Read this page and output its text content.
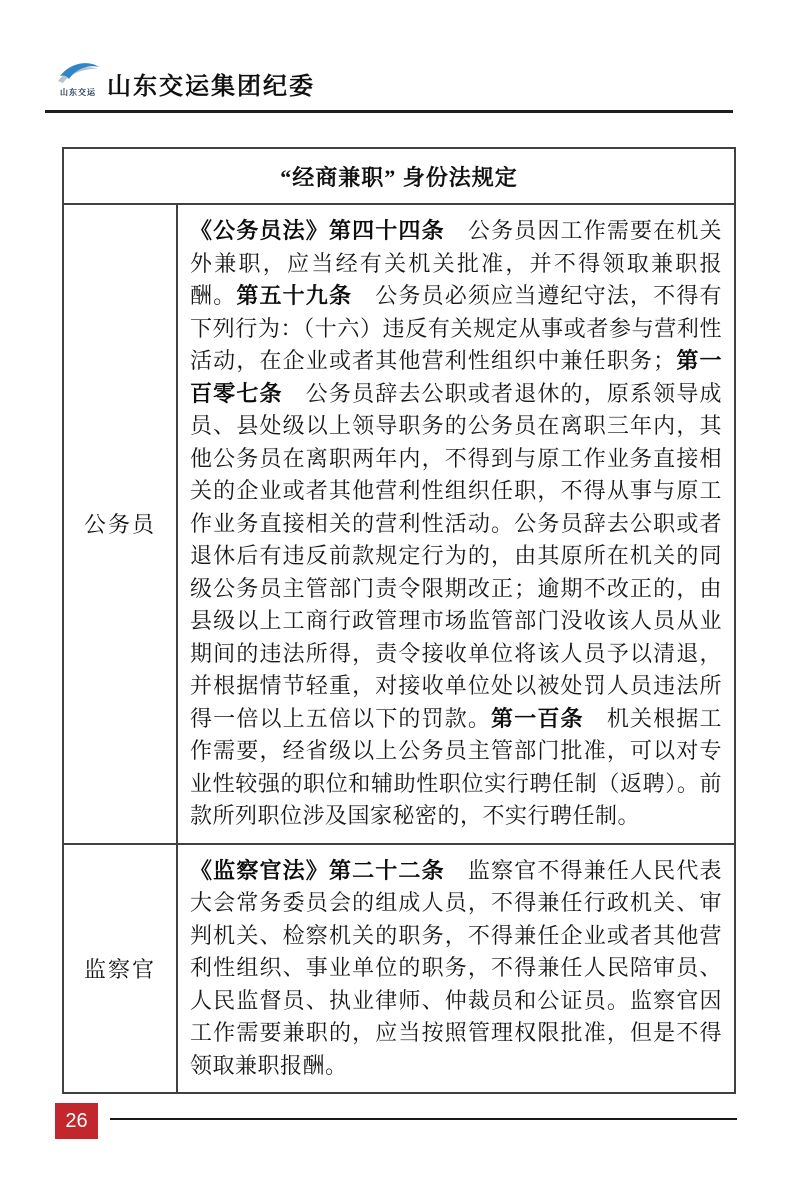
山东交运 山东交运集团纪委
“经商兼职” 身份法规定
公务员
《公务员法》第四十四条　公务员因工作需要在机关外兼职，应当经有关机关批准，并不得领取兼职报酬。第五十九条　公务员必须应当遵纪守法，不得有下列行为：（十六）违反有关规定从事或者参与营利性活动，在企业或者其他营利性组织中兼任职务；第一百零七条　公务员辞去公职或者退休的，原系领导成员、县处级以上领导职务的公务员在离职三年内，其他公务员在离职两年内，不得到与原工作业务直接相关的企业或者其他营利性组织任职，不得从事与原工作业务直接相关的营利性活动。公务员辞去公职或者退休后有违反前款规定行为的，由其原所在机关的同级公务员主管部门责令限期改正；逾期不改正的，由县级以上工商行政管理市场监管部门没收该人员从业期间的违法所得，责令接收单位将该人员予以清退，并根据情节轻重，对接收单位处以被处罚人员违法所得一倍以上五倍以下的罚款。第一百条　机关根据工作需要，经省级以上公务员主管部门批准，可以对专业性较强的职位和辅助性职位实行聘任制（返聘）。前款所列职位涉及国家秘密的，不实行聘任制。
监察官
《监察官法》第二十二条　监察官不得兼任人民代表大会常务委员会的组成人员，不得兼任行政机关、审判机关、检察机关的职务，不得兼任企业或者其他营利性组织、事业单位的职务，不得兼任人民陪审员、人民监督员、执业律师、仲裁员和公证员。监察官因工作需要兼职的，应当按照管理权限批准，但是不得领取兼职报酬。
26
